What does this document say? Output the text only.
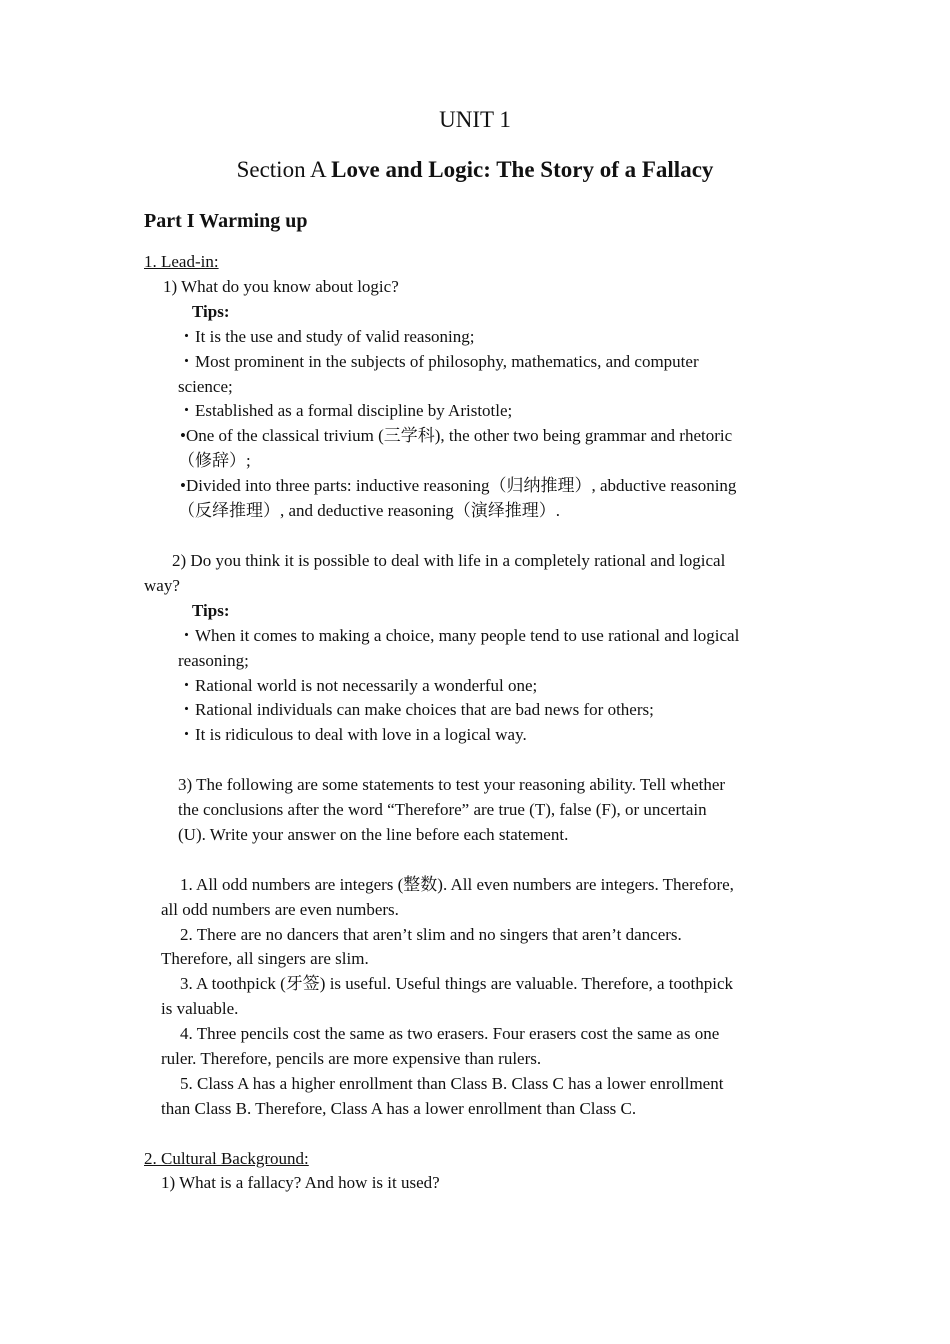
UNIT 1
Section A Love and Logic: The Story of a Fallacy
Part I Warming up
1. Lead-in:
1) What do you know about logic?
Tips:
・It is the use and study of valid reasoning;
・Most prominent in the subjects of philosophy, mathematics, and computer
science;
・Established as a formal discipline by Aristotle;
•One of the classical trivium (三学科), the other two being grammar and rhetoric
（修辞）;
•Divided into three parts: inductive reasoning（归纳推理）, abductive reasoning
（反绎推理）, and deductive reasoning（演绎推理）.
2) Do you think it is possible to deal with life in a completely rational and logical
way?
Tips:
・When it comes to making a choice, many people tend to use rational and logical
reasoning;
・Rational world is not necessarily a wonderful one;
・Rational individuals can make choices that are bad news for others;
・It is ridiculous to deal with love in a logical way.
3) The following are some statements to test your reasoning ability. Tell whether
the conclusions after the word “Therefore” are true (T), false (F), or uncertain
(U). Write your answer on the line before each statement.
1. All odd numbers are integers (整数). All even numbers are integers. Therefore,
all odd numbers are even numbers.
2. There are no dancers that aren’t slim and no singers that aren’t dancers.
Therefore, all singers are slim.
3. A toothpick (牙签) is useful. Useful things are valuable. Therefore, a toothpick
is valuable.
4. Three pencils cost the same as two erasers. Four erasers cost the same as one
ruler. Therefore, pencils are more expensive than rulers.
5. Class A has a higher enrollment than Class B. Class C has a lower enrollment
than Class B. Therefore, Class A has a lower enrollment than Class C.
2. Cultural Background:
1) What is a fallacy? And how is it used?
